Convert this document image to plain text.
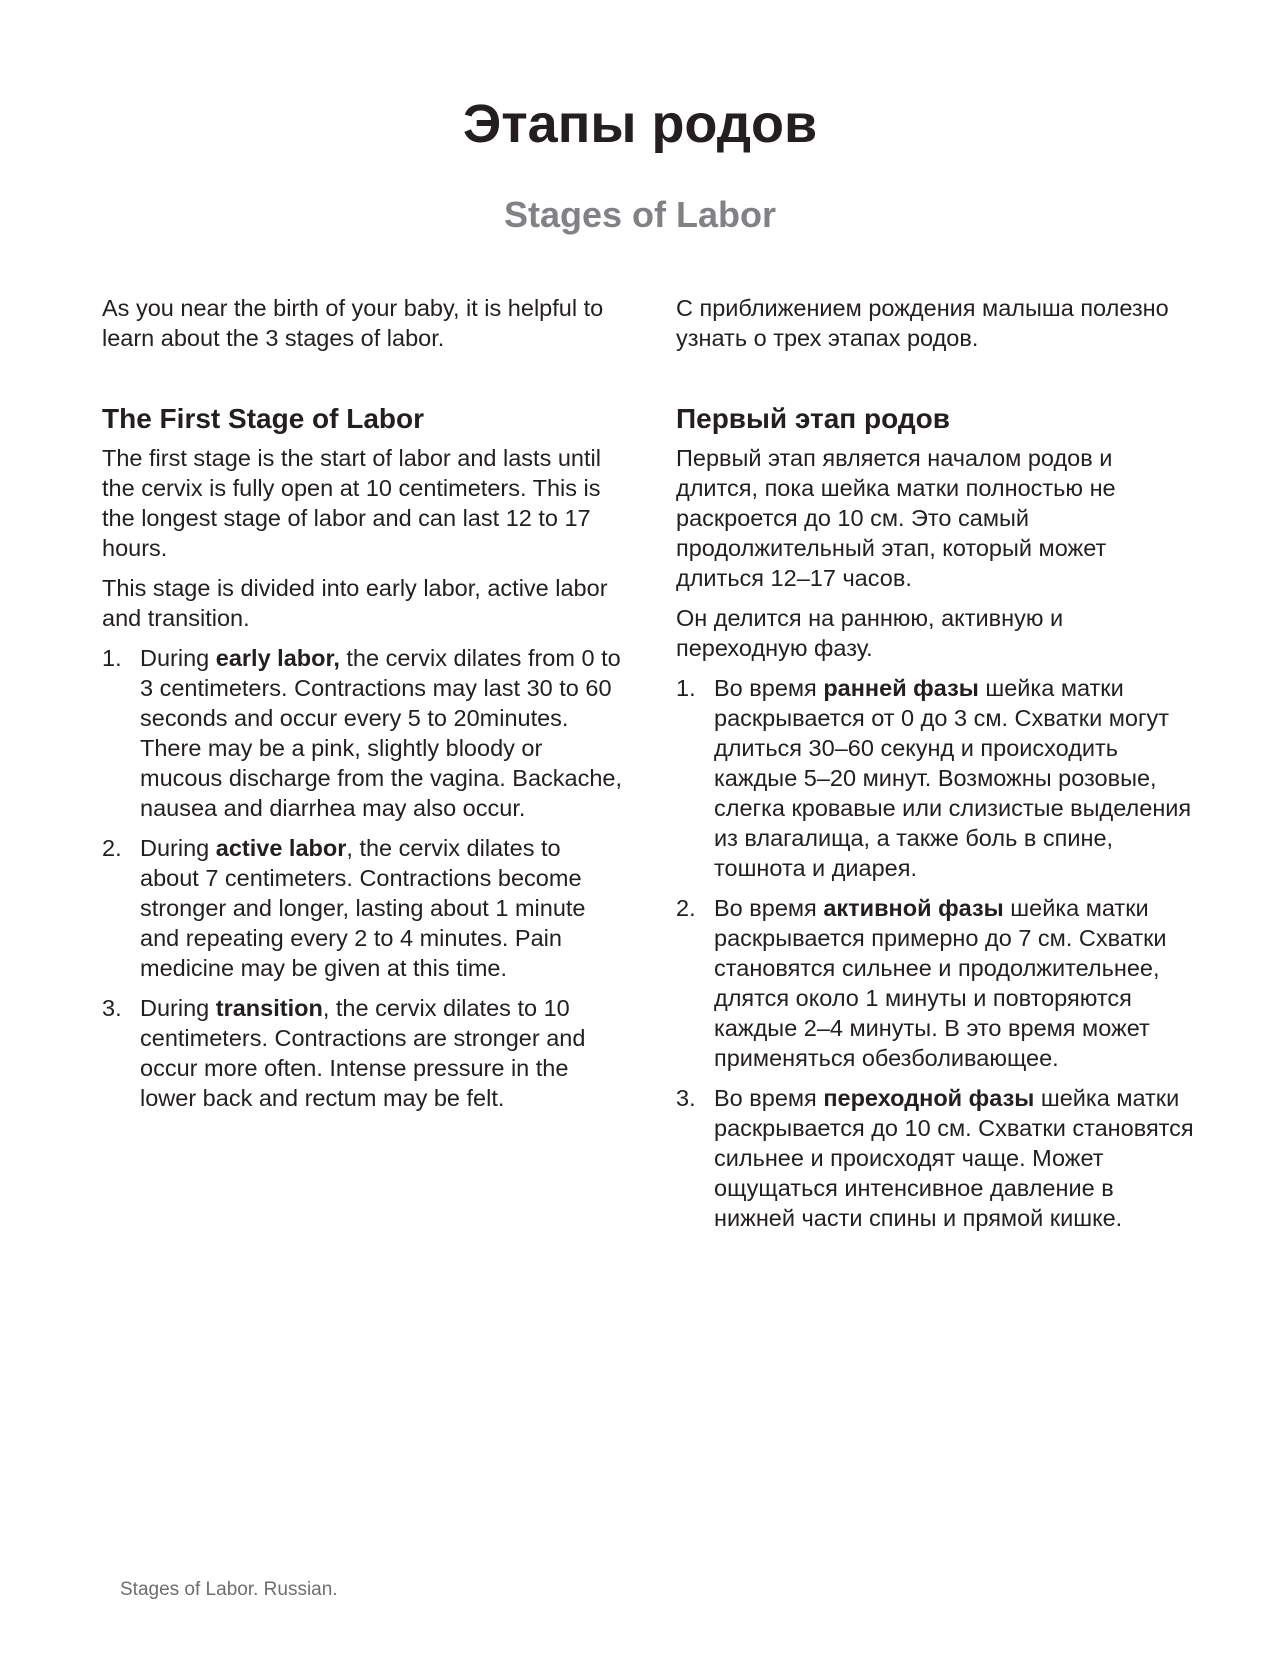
Этапы родов
Stages of Labor

As you near the birth of your baby, it is helpful to learn about the 3 stages of labor.

The First Stage of Labor

The first stage is the start of labor and lasts until the cervix is fully open at 10 centimeters. This is the longest stage of labor and can last 12 to 17 hours.

This stage is divided into early labor, active labor and transition.

1. During early labor, the cervix dilates from 0 to 3 centimeters. Contractions may last 30 to 60 seconds and occur every 5 to 20minutes. There may be a pink, slightly bloody or mucous discharge from the vagina. Backache, nausea and diarrhea may also occur.
2. During active labor, the cervix dilates to about 7 centimeters. Contractions become stronger and longer, lasting about 1 minute and repeating every 2 to 4 minutes. Pain medicine may be given at this time.
3. During transition, the cervix dilates to 10 centimeters. Contractions are stronger and occur more often. Intense pressure in the lower back and rectum may be felt.

С приближением рождения малыша полезно узнать о трех этапах родов.

Первый этап родов

Первый этап является началом родов и длится, пока шейка матки полностью не раскроется до 10 см. Это самый продолжительный этап, который может длиться 12–17 часов.

Он делится на раннюю, активную и переходную фазу.

1. Во время ранней фазы шейка матки раскрывается от 0 до 3 см. Схватки могут длиться 30–60 секунд и происходить каждые 5–20 минут. Возможны розовые, слегка кровавые или слизистые выделения из влагалища, а также боль в спине, тошнота и диарея.
2. Во время активной фазы шейка матки раскрывается примерно до 7 см. Схватки становятся сильнее и продолжительнее, длятся около 1 минуты и повторяются каждые 2–4 минуты. В это время может применяться обезболивающее.
3. Во время переходной фазы шейка матки раскрывается до 10 см. Схватки становятся сильнее и происходят чаще. Может ощущаться интенсивное давление в нижней части спины и прямой кишке.
Stages of Labor. Russian.
